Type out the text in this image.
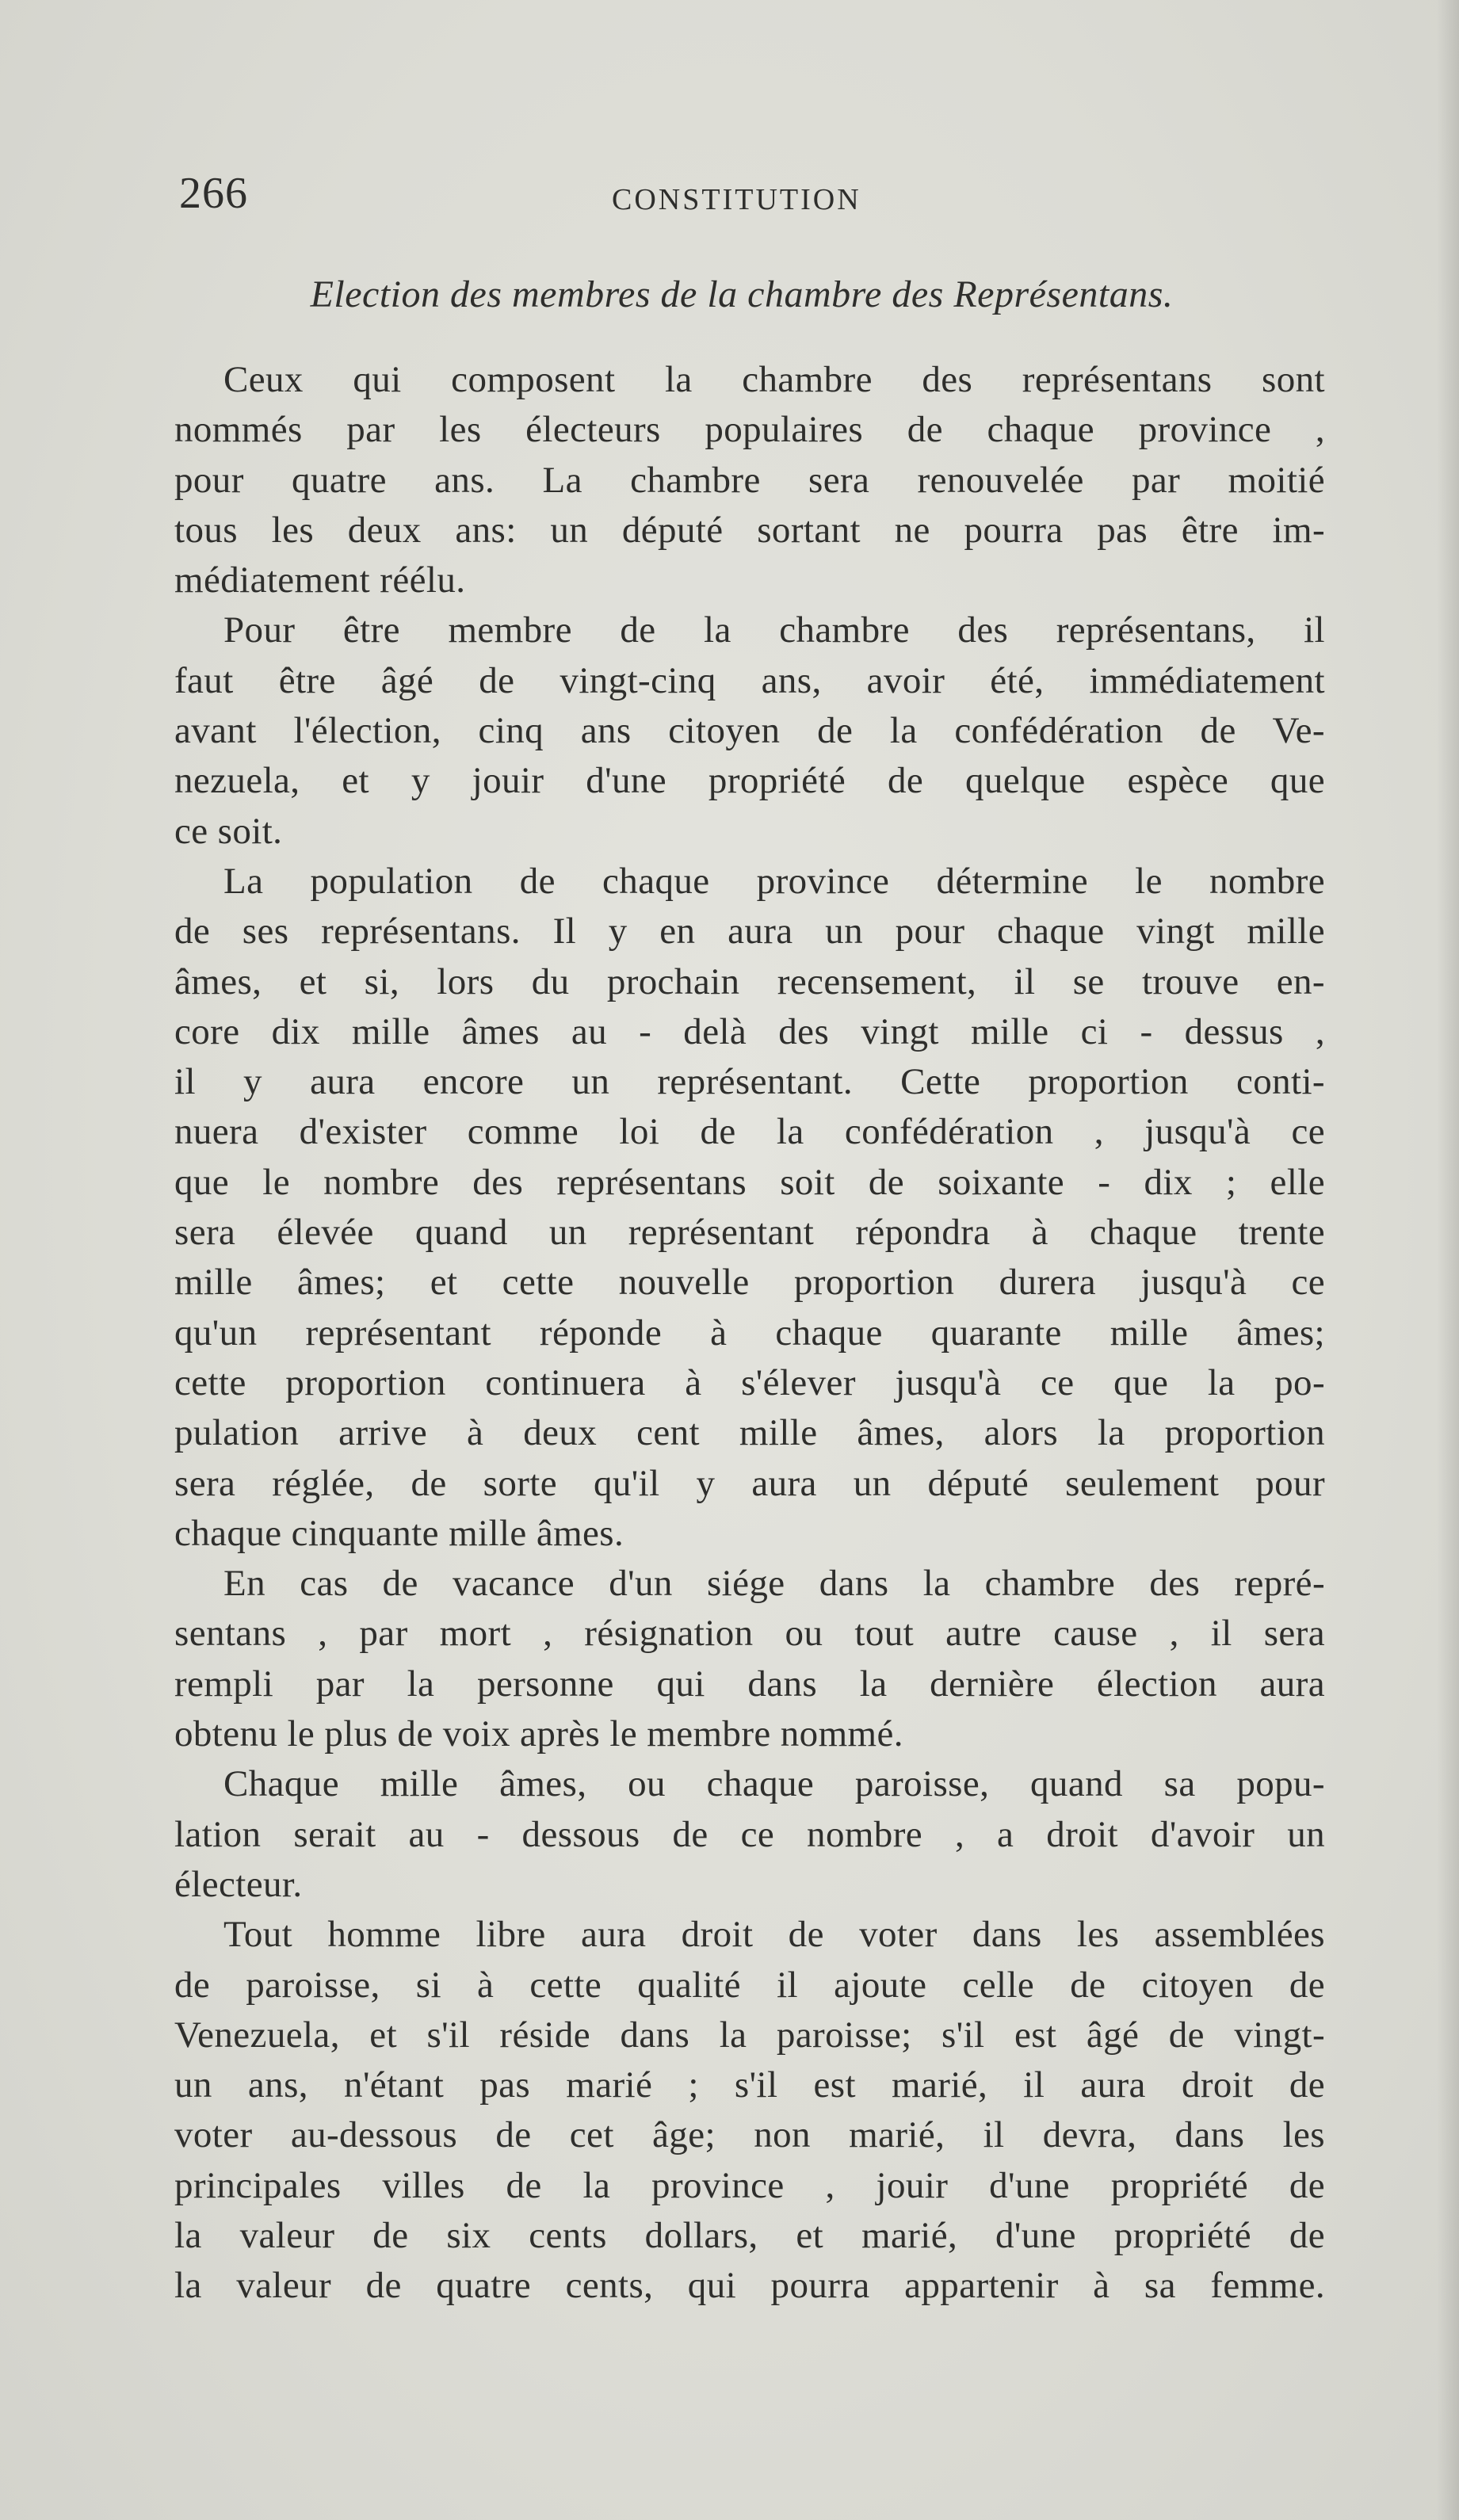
266	CONSTITUTION
Election des membres de la chambre des Représentans.
Ceux qui composent la chambre des représentans sont
nommés par les électeurs populaires de chaque province ,
pour quatre ans. La chambre sera renouvelée par moitié
tous les deux ans: un député sortant ne pourra pas être im-
médiatement réélu.
Pour être membre de la chambre des représentans, il
faut être âgé de vingt-cinq ans, avoir été, immédiatement
avant l'élection, cinq ans citoyen de la confédération de Ve-
nezuela, et y jouir d'une propriété de quelque espèce que
ce soit.
La population de chaque province détermine le nombre
de ses représentans. Il y en aura un pour chaque vingt mille
âmes, et si, lors du prochain recensement, il se trouve en-
core dix mille âmes au - delà des vingt mille ci - dessus ,
il y aura encore un représentant. Cette proportion conti-
nuera d'exister comme loi de la confédération , jusqu'à ce
que le nombre des représentans soit de soixante - dix ; elle
sera élevée quand un représentant répondra à chaque trente
mille âmes; et cette nouvelle proportion durera jusqu'à ce
qu'un représentant réponde à chaque quarante mille âmes;
cette proportion continuera à s'élever jusqu'à ce que la po-
pulation arrive à deux cent mille âmes, alors la proportion
sera réglée, de sorte qu'il y aura un député seulement pour
chaque cinquante mille âmes.
En cas de vacance d'un siége dans la chambre des repré-
sentans , par mort , résignation ou tout autre cause , il sera
rempli par la personne qui dans la dernière élection aura
obtenu le plus de voix après le membre nommé.
Chaque mille âmes, ou chaque paroisse, quand sa popu-
lation serait au - dessous de ce nombre , a droit d'avoir un
électeur.
Tout homme libre aura droit de voter dans les assemblées
de paroisse, si à cette qualité il ajoute celle de citoyen de
Venezuela, et s'il réside dans la paroisse; s'il est âgé de vingt-
un ans, n'étant pas marié ; s'il est marié, il aura droit de
voter au-dessous de cet âge; non marié, il devra, dans les
principales villes de la province , jouir d'une propriété de
la valeur de six cents dollars, et marié, d'une propriété de
la valeur de quatre cents, qui pourra appartenir à sa femme.
